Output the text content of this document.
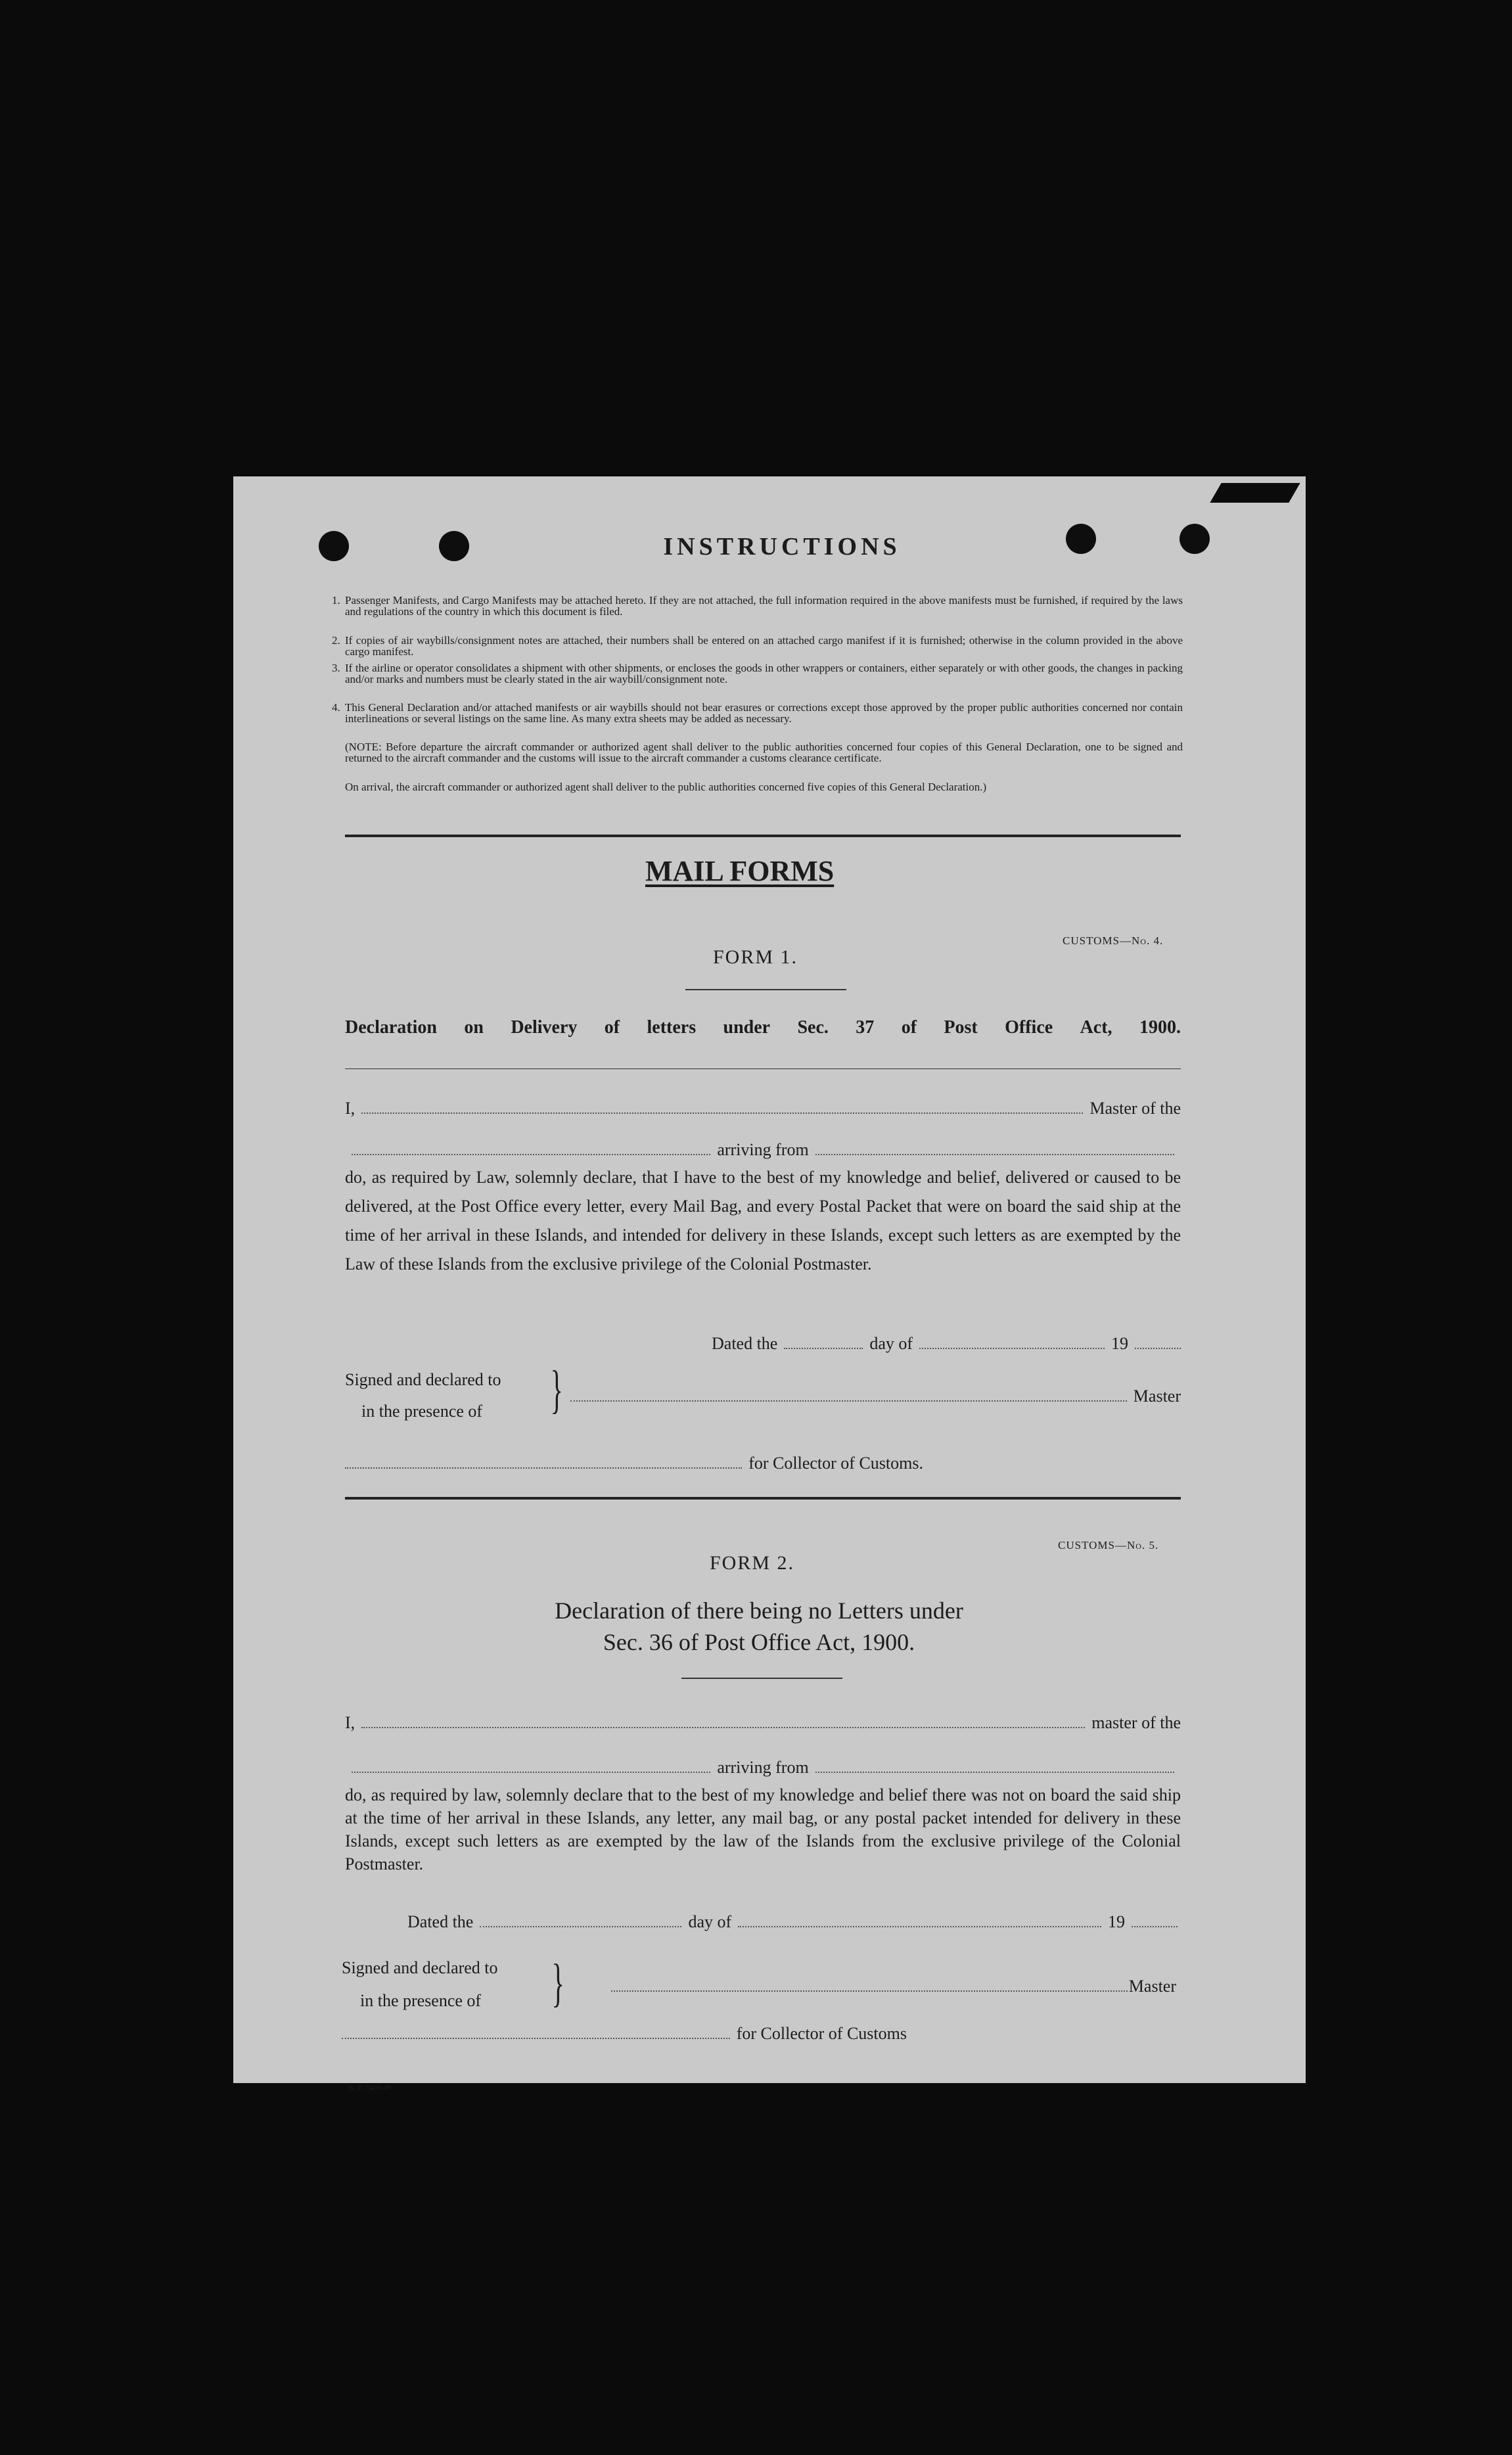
INSTRUCTIONS
1. Passenger Manifests, and Cargo Manifests may be attached hereto. If they are not attached, the full information required in the above manifests must be furnished, if required by the laws and regulations of the country in which this document is filed.
2. If copies of air waybills/consignment notes are attached, their numbers shall be entered on an attached cargo manifest if it is furnished; otherwise in the column provided in the above cargo manifest.
3. If the airline or operator consolidates a shipment with other shipments, or encloses the goods in other wrappers or containers, either separately or with other goods, the changes in packing and/or marks and numbers must be clearly stated in the air waybill/consignment note.
4. This General Declaration and/or attached manifests or air waybills should not bear erasures or corrections except those approved by the proper public authorities concerned nor contain interlineations or several listings on the same line. As many extra sheets may be added as necessary.
(NOTE: Before departure the aircraft commander or authorized agent shall deliver to the public authorities concerned four copies of this General Declaration, one to be signed and returned to the aircraft commander and the customs will issue to the aircraft commander a customs clearance certificate.
On arrival, the aircraft commander or authorized agent shall deliver to the public authorities concerned five copies of this General Declaration.)
MAIL FORMS
CUSTOMS—No. 4.
FORM 1.
Declaration on Delivery of letters under Sec. 37 of Post Office Act, 1900.
I,	Master of the
arriving from
do, as required by Law, solemnly declare, that I have to the best of my knowledge and belief, delivered or caused to be delivered, at the Post Office every letter, every Mail Bag, and every Postal Packet that were on board the said ship at the time of her arrival in these Islands, and intended for delivery in these Islands, except such letters as are exempted by the Law of these Islands from the exclusive privilege of the Colonial Postmaster.
Dated the	day of	19
Signed and declared to
in the presence of }	Master
for Collector of Customs.
CUSTOMS—No. 5.
FORM 2.
Declaration of there being no Letters under
Sec. 36 of Post Office Act, 1900.
I,	master of the
arriving from
do, as required by law, solemnly declare that to the best of my knowledge and belief there was not on board the said ship at the time of her arrival in these Islands, any letter, any mail bag, or any postal packet intended for delivery in these Islands, except such letters as are exempted by the law of the Islands from the exclusive privilege of the Colonial Postmaster.
Dated the	day of	19
Signed and declared to
in the presence of }	Master
for Collector of Customs
B. P. 7469-49
